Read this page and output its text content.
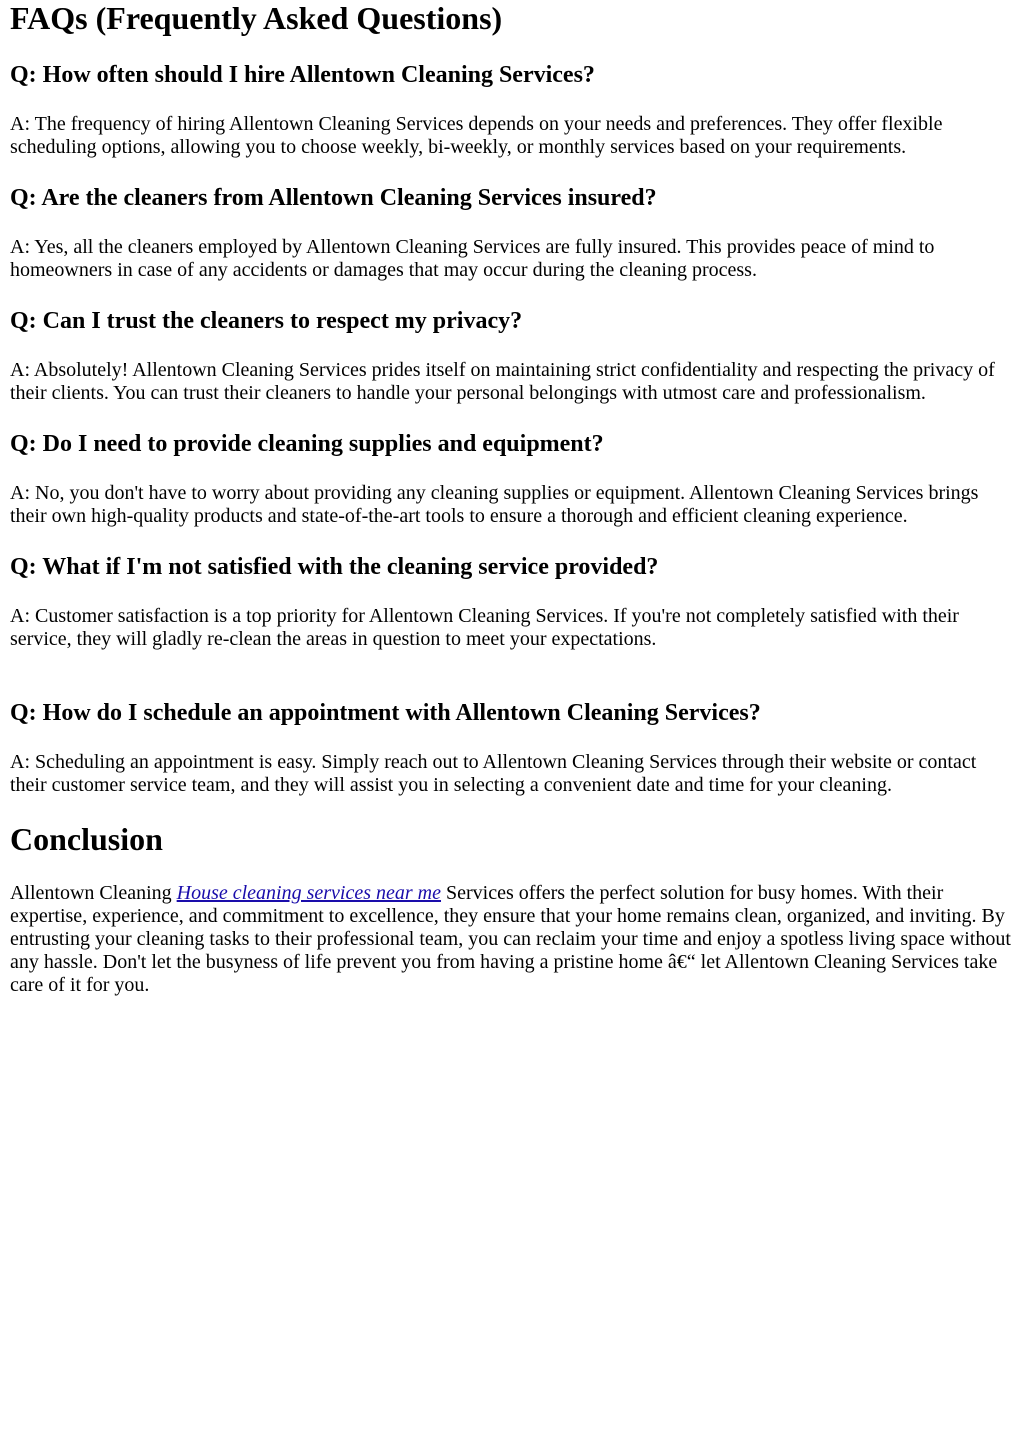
FAQs (Frequently Asked Questions)
Q: How often should I hire Allentown Cleaning Services?

A: The frequency of hiring Allentown Cleaning Services depends on your needs and preferences. They offer flexible scheduling options, allowing you to choose weekly, bi-weekly, or monthly services based on your requirements.

Q: Are the cleaners from Allentown Cleaning Services insured?

A: Yes, all the cleaners employed by Allentown Cleaning Services are fully insured. This provides peace of mind to homeowners in case of any accidents or damages that may occur during the cleaning process.

Q: Can I trust the cleaners to respect my privacy?

A: Absolutely! Allentown Cleaning Services prides itself on maintaining strict confidentiality and respecting the privacy of their clients. You can trust their cleaners to handle your personal belongings with utmost care and professionalism.

Q: Do I need to provide cleaning supplies and equipment?

A: No, you don't have to worry about providing any cleaning supplies or equipment. Allentown Cleaning Services brings their own high-quality products and state-of-the-art tools to ensure a thorough and efficient cleaning experience.

Q: What if I'm not satisfied with the cleaning service provided?

A: Customer satisfaction is a top priority for Allentown Cleaning Services. If you're not completely satisfied with their service, they will gladly re-clean the areas in question to meet your expectations.

Q: How do I schedule an appointment with Allentown Cleaning Services?

A: Scheduling an appointment is easy. Simply reach out to Allentown Cleaning Services through their website or contact their customer service team, and they will assist you in selecting a convenient date and time for your cleaning.

Conclusion

Allentown Cleaning House cleaning services near me Services offers the perfect solution for busy homes. With their expertise, experience, and commitment to excellence, they ensure that your home remains clean, organized, and inviting. By entrusting your cleaning tasks to their professional team, you can reclaim your time and enjoy a spotless living space without any hassle. Don't let the busyness of life prevent you from having a pristine home â€“ let Allentown Cleaning Services take care of it for you.
